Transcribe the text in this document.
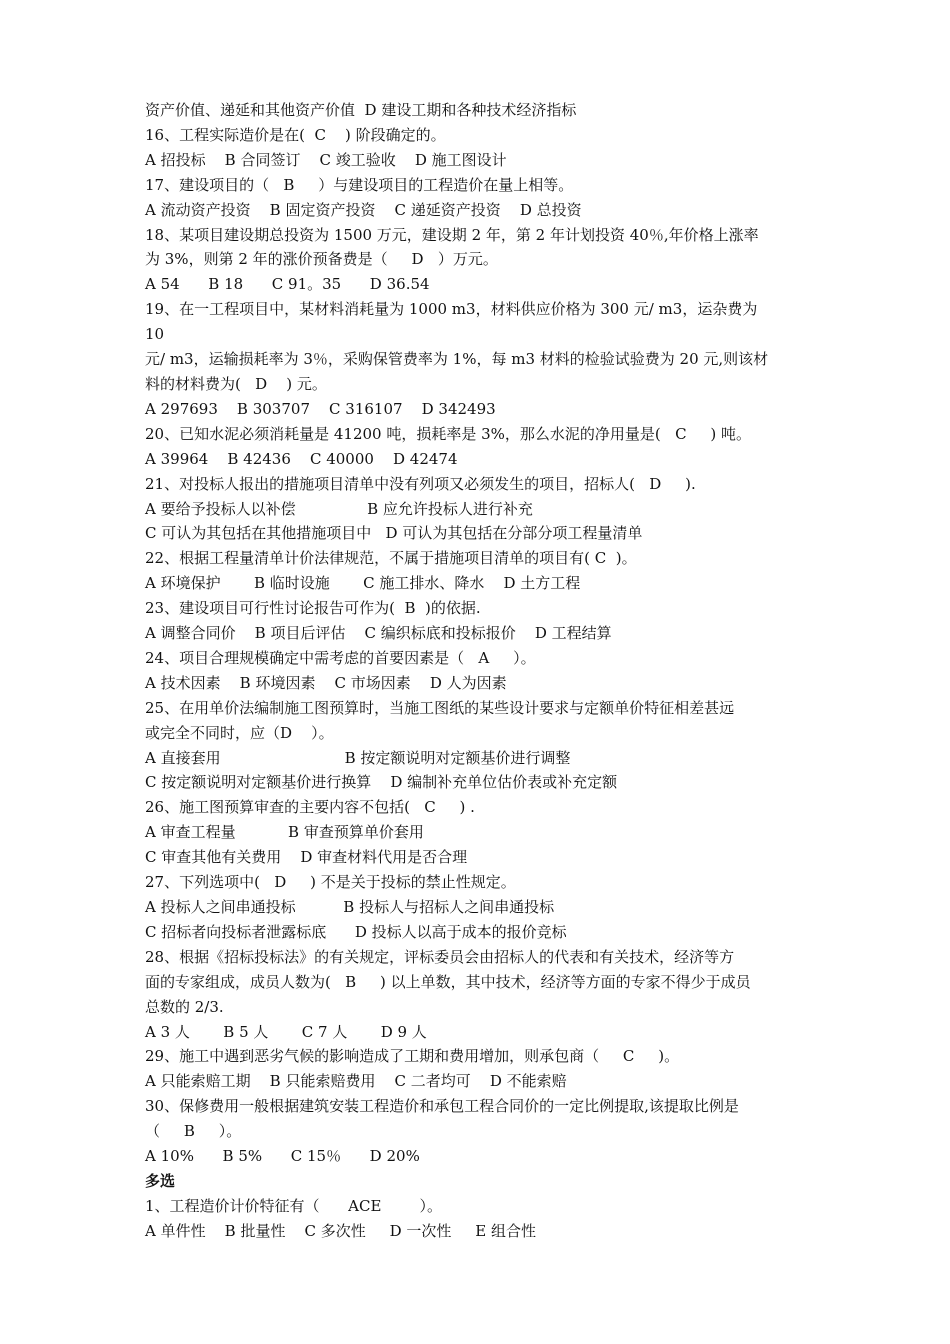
资产价值、递延和其他资产价值  D 建设工期和各种技术经济指标

16、工程实际造价是在(  C    ) 阶段确定的。

A 招投标    B 合同签订    C 竣工验收    D 施工图设计

17、建设项目的（   B     ）与建设项目的工程造价在量上相等。

A 流动资产投资    B 固定资产投资    C 递延资产投资    D 总投资

18、某项目建设期总投资为 1500 万元，建设期 2 年，第 2 年计划投资 40％,年价格上涨率

为 3%，则第 2 年的涨价预备费是（     D   ）万元。

A 54      B 18      C 91。35      D 36.54

19、在一工程项目中，某材料消耗量为 1000 m3，材料供应价格为 300 元/ m3，运杂费为

10

元/ m3，运输损耗率为 3％，采购保管费率为 1%，每 m3 材料的检验试验费为 20 元,则该材

料的材料费为(   D    ) 元。

A 297693    B 303707    C 316107    D 342493

20、已知水泥必须消耗量是 41200 吨，损耗率是 3%，那么水泥的净用量是(   C     ) 吨。

A 39964    B 42436    C 40000    D 42474

21、对投标人报出的措施项目清单中没有列项又必须发生的项目，招标人(   D     ).

A 要给予投标人以补偿               B 应允许投标人进行补充

C 可认为其包括在其他措施项目中   D 可认为其包括在分部分项工程量清单

22、根据工程量清单计价法律规范，不属于措施项目清单的项目有( C  )。

A 环境保护       B 临时设施       C 施工排水、降水    D 土方工程

23、建设项目可行性讨论报告可作为(  B  )的依据.

A 调整合同价    B 项目后评估    C 编织标底和投标报价    D 工程结算

24、项目合理规模确定中需考虑的首要因素是（   A     ）。

A 技术因素    B 环境因素    C 市场因素    D 人为因素

25、在用单价法编制施工图预算时，当施工图纸的某些设计要求与定额单价特征相差甚远

或完全不同时，应（D    ）。

A 直接套用                          B 按定额说明对定额基价进行调整

C 按定额说明对定额基价进行换算    D 编制补充单位估价表或补充定额

26、施工图预算审查的主要内容不包括(   C     ) .

A 审查工程量           B 审查预算单价套用

C 审查其他有关费用    D 审查材料代用是否合理

27、下列选项中(   D     ) 不是关于投标的禁止性规定。

A 投标人之间串通投标          B 投标人与招标人之间串通投标

C 招标者向投标者泄露标底      D 投标人以高于成本的报价竞标

28、根据《招标投标法》的有关规定，评标委员会由招标人的代表和有关技术，经济等方

面的专家组成，成员人数为(   B     ) 以上单数，其中技术，经济等方面的专家不得少于成员

总数的 2/3.

A 3 人       B 5 人       C 7 人       D 9 人

29、施工中遇到恶劣气候的影响造成了工期和费用增加，则承包商（     C     )。

A 只能索赔工期    B 只能索赔费用    C 二者均可    D 不能索赔

30、保修费用一般根据建筑安装工程造价和承包工程合同价的一定比例提取,该提取比例是

（     B     ）。

A 10%      B 5%      C 15％      D 20%

多选

1、工程造价计价特征有（      ACE        ）。

A 单件性    B 批量性    C 多次性     D 一次性     E 组合性
